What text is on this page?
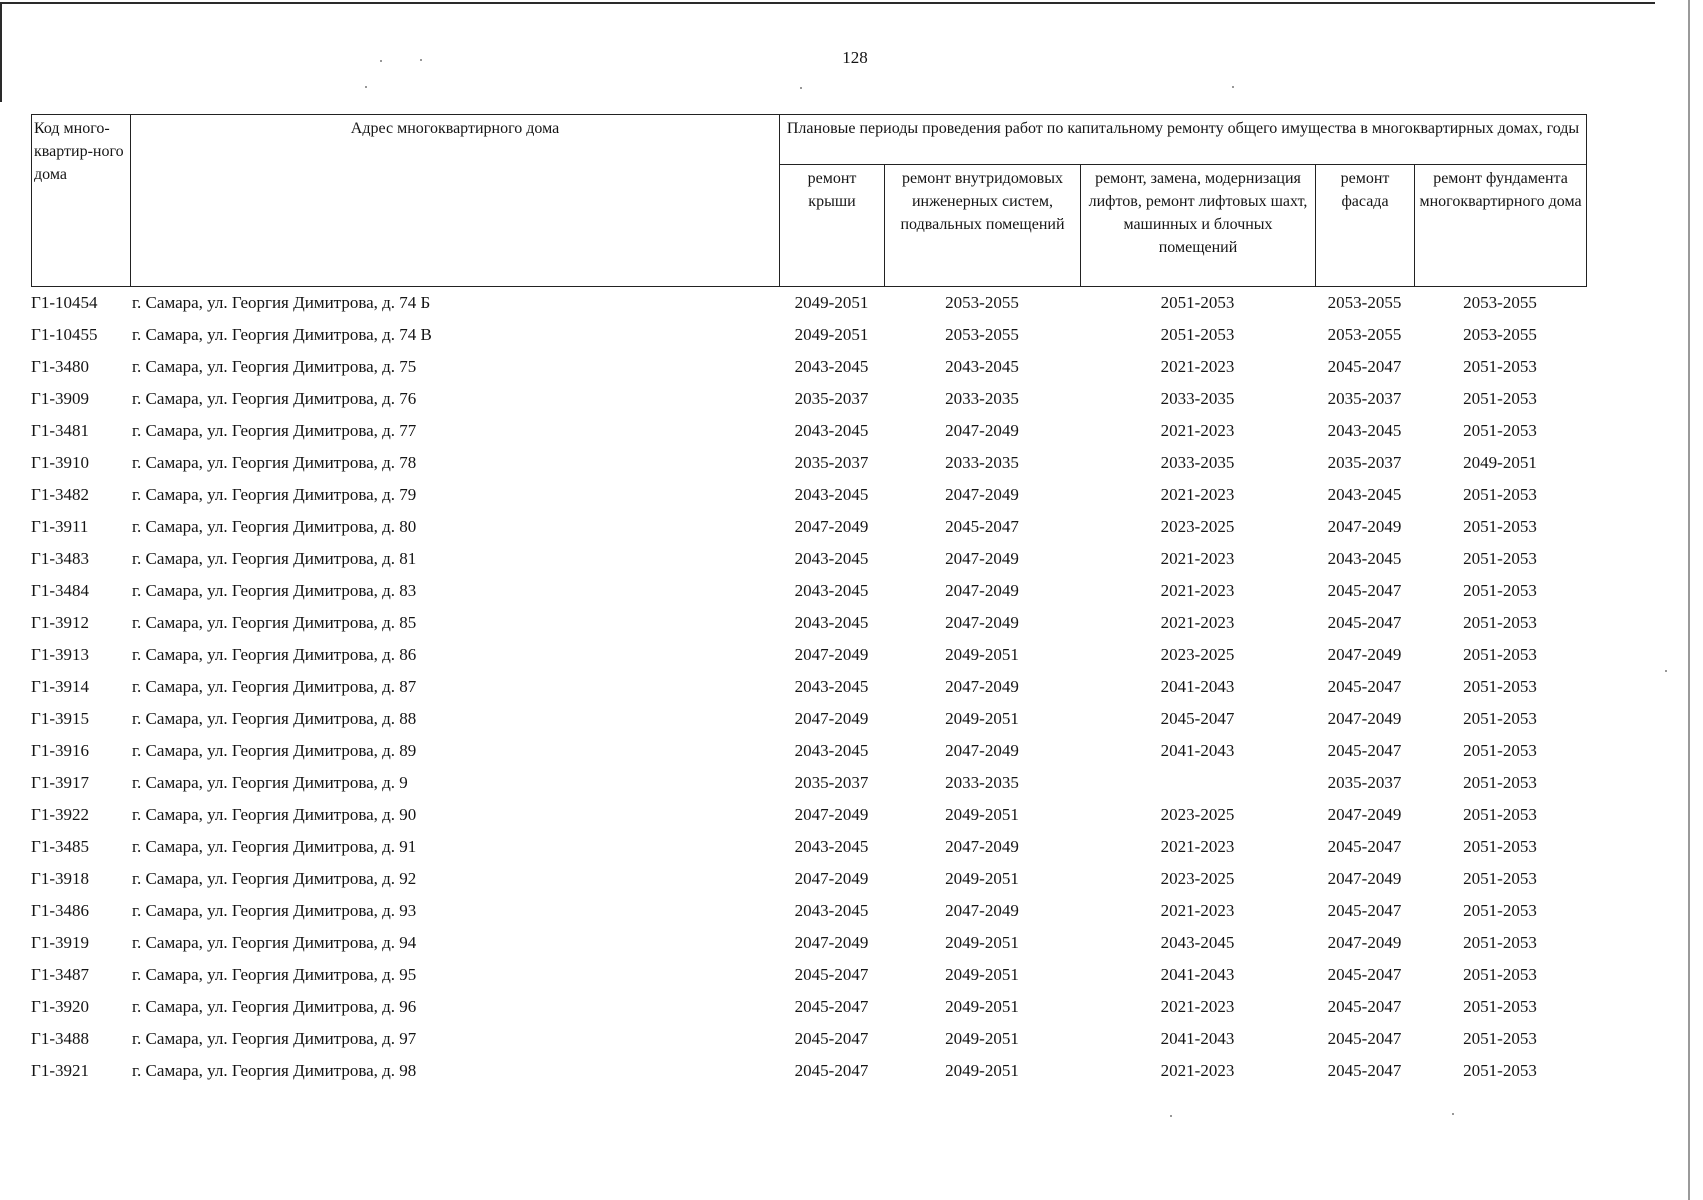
128
Код много-квартир-ного дома	Адрес многоквартирного дома	Плановые периоды проведения работ по капитальному ремонту общего имущества в многоквартирных домах, годы				
		ремонт крыши	ремонт внутридомовых инженерных систем, подвальных помещений	ремонт, замена, модернизация лифтов, ремонт лифтовых шахт, машинных и блочных помещений	ремонт фасада	ремонт фундамента многоквартирного дома
Г1-10454	г. Самара, ул. Георгия Димитрова, д. 74 Б	2049-2051	2053-2055	2051-2053	2053-2055	2053-2055
Г1-10455	г. Самара, ул. Георгия Димитрова, д. 74 В	2049-2051	2053-2055	2051-2053	2053-2055	2053-2055
Г1-3480	г. Самара, ул. Георгия Димитрова, д. 75	2043-2045	2043-2045	2021-2023	2045-2047	2051-2053
Г1-3909	г. Самара, ул. Георгия Димитрова, д. 76	2035-2037	2033-2035	2033-2035	2035-2037	2051-2053
Г1-3481	г. Самара, ул. Георгия Димитрова, д. 77	2043-2045	2047-2049	2021-2023	2043-2045	2051-2053
Г1-3910	г. Самара, ул. Георгия Димитрова, д. 78	2035-2037	2033-2035	2033-2035	2035-2037	2049-2051
Г1-3482	г. Самара, ул. Георгия Димитрова, д. 79	2043-2045	2047-2049	2021-2023	2043-2045	2051-2053
Г1-3911	г. Самара, ул. Георгия Димитрова, д. 80	2047-2049	2045-2047	2023-2025	2047-2049	2051-2053
Г1-3483	г. Самара, ул. Георгия Димитрова, д. 81	2043-2045	2047-2049	2021-2023	2043-2045	2051-2053
Г1-3484	г. Самара, ул. Георгия Димитрова, д. 83	2043-2045	2047-2049	2021-2023	2045-2047	2051-2053
Г1-3912	г. Самара, ул. Георгия Димитрова, д. 85	2043-2045	2047-2049	2021-2023	2045-2047	2051-2053
Г1-3913	г. Самара, ул. Георгия Димитрова, д. 86	2047-2049	2049-2051	2023-2025	2047-2049	2051-2053
Г1-3914	г. Самара, ул. Георгия Димитрова, д. 87	2043-2045	2047-2049	2041-2043	2045-2047	2051-2053
Г1-3915	г. Самара, ул. Георгия Димитрова, д. 88	2047-2049	2049-2051	2045-2047	2047-2049	2051-2053
Г1-3916	г. Самара, ул. Георгия Димитрова, д. 89	2043-2045	2047-2049	2041-2043	2045-2047	2051-2053
Г1-3917	г. Самара, ул. Георгия Димитрова, д. 9	2035-2037	2033-2035		2035-2037	2051-2053
Г1-3922	г. Самара, ул. Георгия Димитрова, д. 90	2047-2049	2049-2051	2023-2025	2047-2049	2051-2053
Г1-3485	г. Самара, ул. Георгия Димитрова, д. 91	2043-2045	2047-2049	2021-2023	2045-2047	2051-2053
Г1-3918	г. Самара, ул. Георгия Димитрова, д. 92	2047-2049	2049-2051	2023-2025	2047-2049	2051-2053
Г1-3486	г. Самара, ул. Георгия Димитрова, д. 93	2043-2045	2047-2049	2021-2023	2045-2047	2051-2053
Г1-3919	г. Самара, ул. Георгия Димитрова, д. 94	2047-2049	2049-2051	2043-2045	2047-2049	2051-2053
Г1-3487	г. Самара, ул. Георгия Димитрова, д. 95	2045-2047	2049-2051	2041-2043	2045-2047	2051-2053
Г1-3920	г. Самара, ул. Георгия Димитрова, д. 96	2045-2047	2049-2051	2021-2023	2045-2047	2051-2053
Г1-3488	г. Самара, ул. Георгия Димитрова, д. 97	2045-2047	2049-2051	2041-2043	2045-2047	2051-2053
Г1-3921	г. Самара, ул. Георгия Димитрова, д. 98	2045-2047	2049-2051	2021-2023	2045-2047	2051-2053
